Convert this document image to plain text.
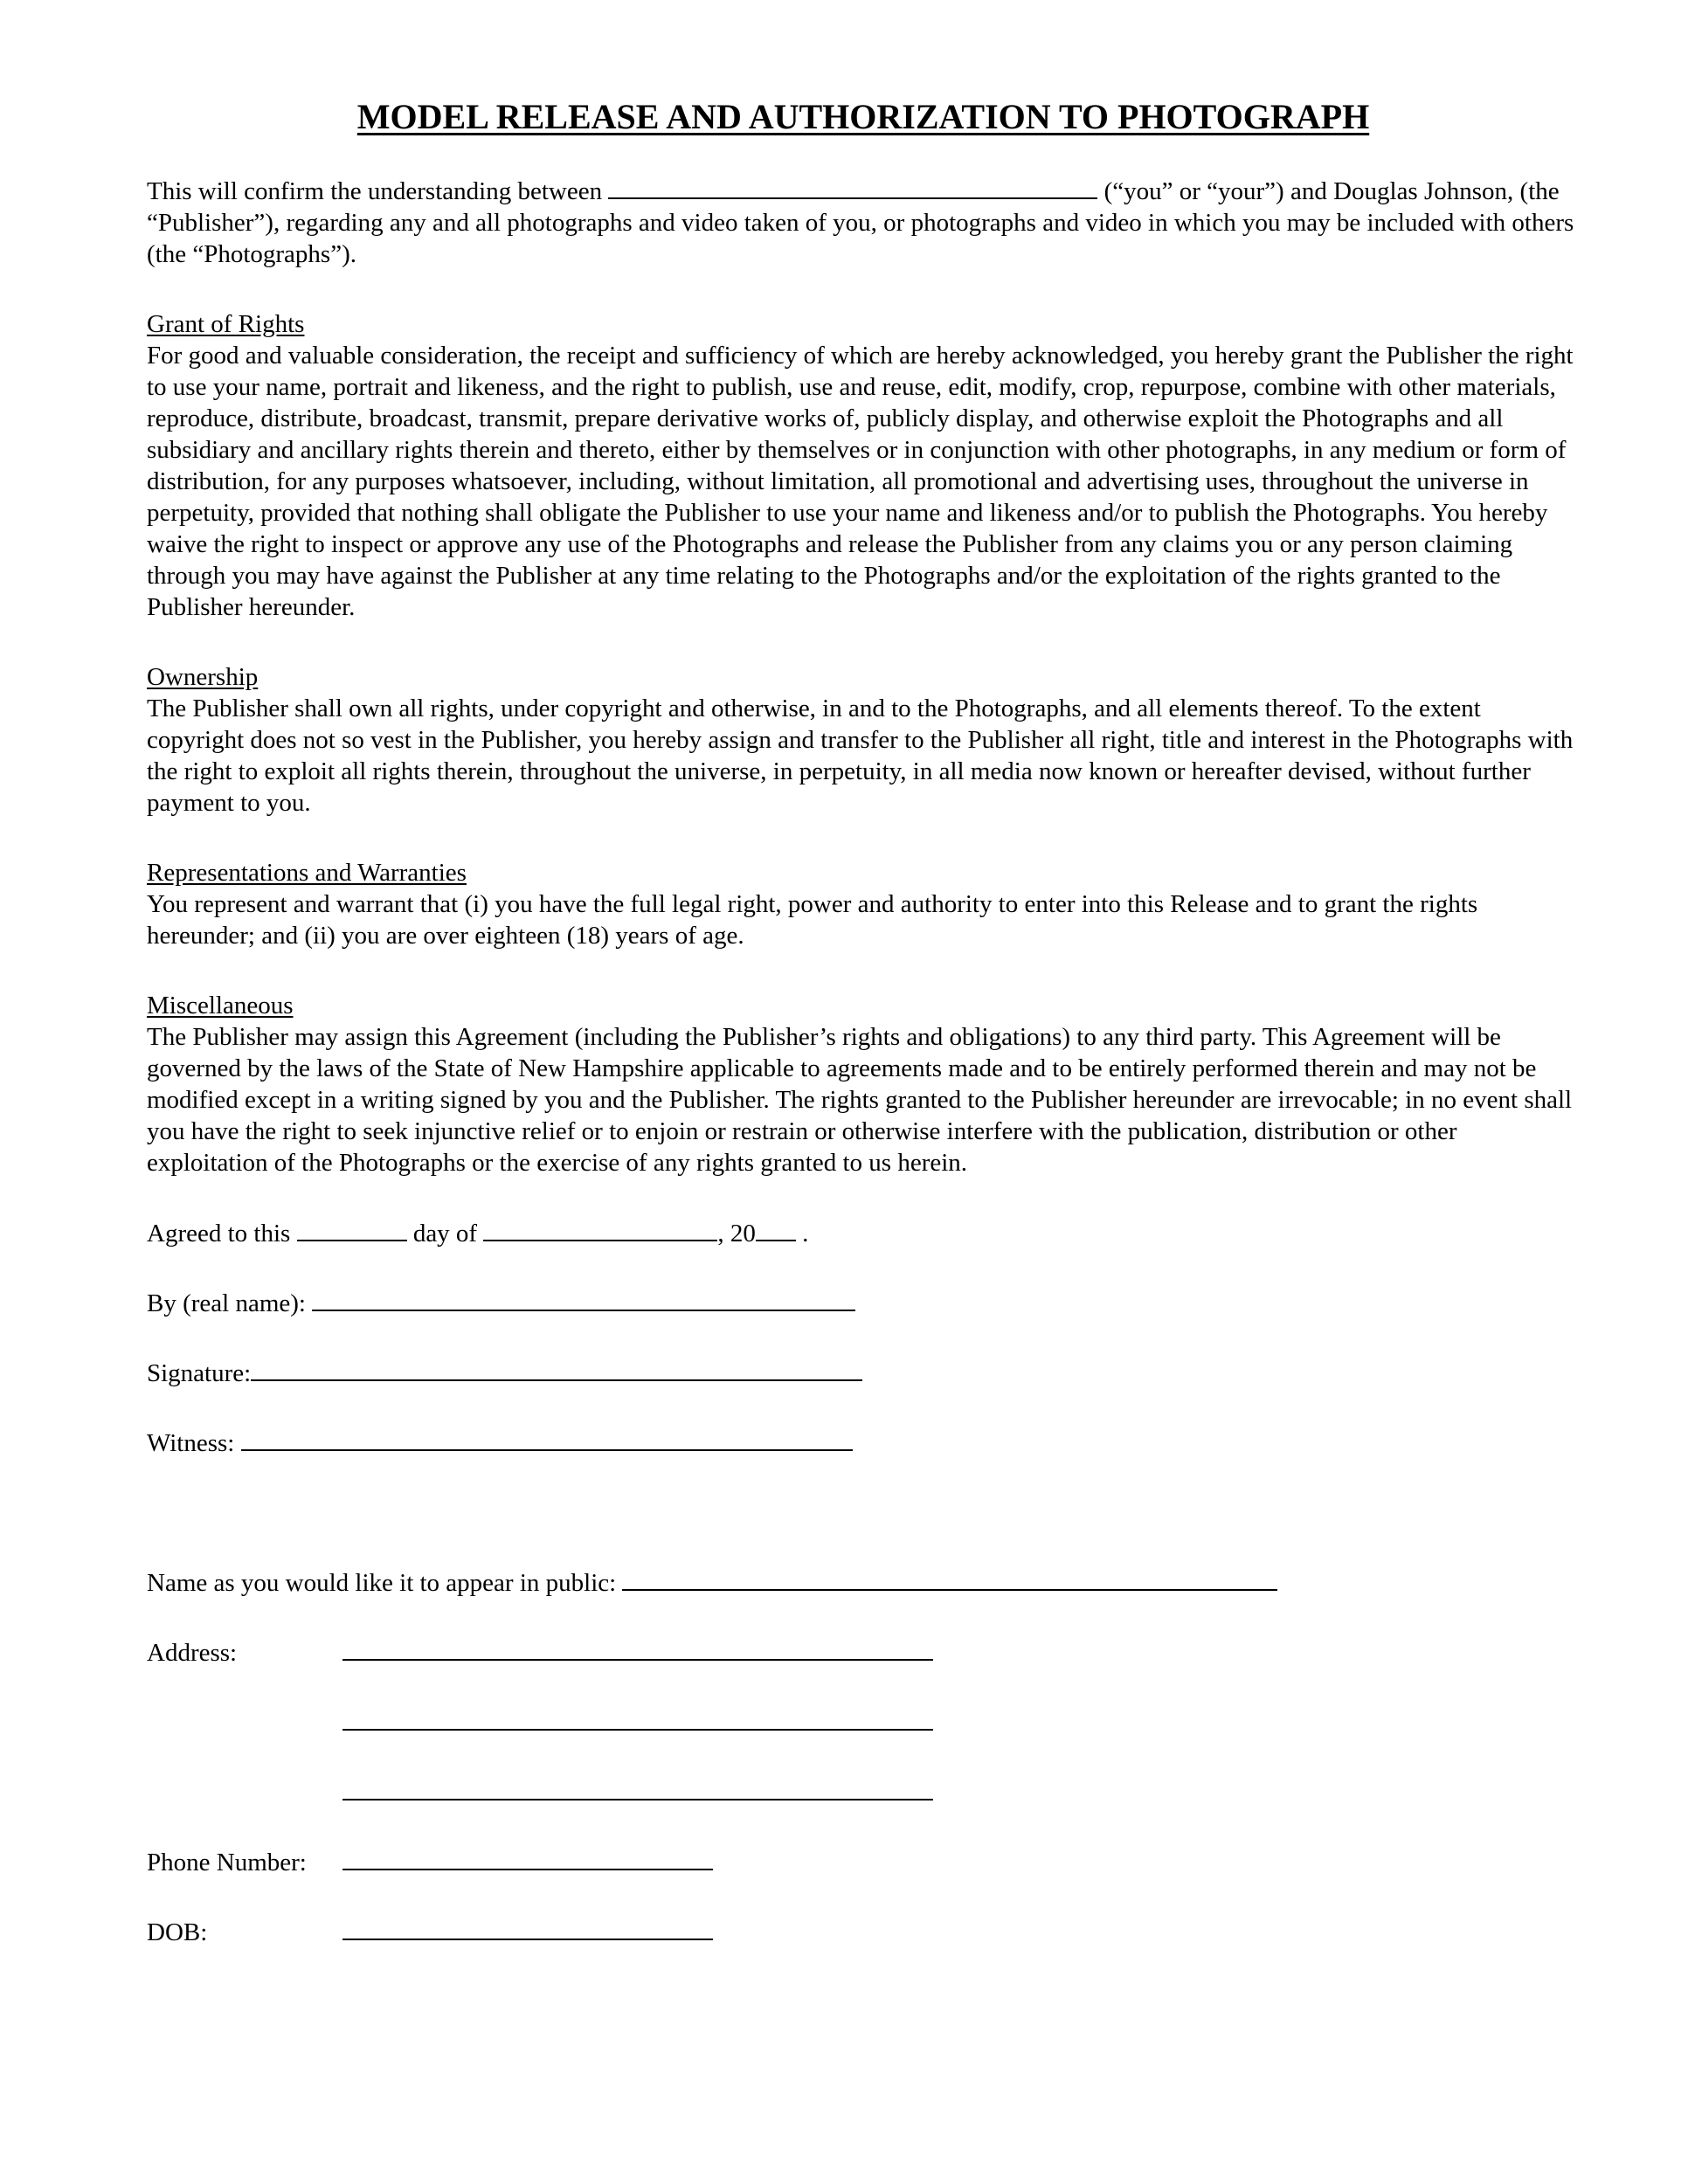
MODEL RELEASE AND AUTHORIZATION TO PHOTOGRAPH

This will confirm the understanding between	(“you” or “your”) and Douglas Johnson, (the “Publisher”), regarding any and all photographs and video taken of you, or photographs and video in which you may be included with others (the “Photographs”).

Grant of Rights

For good and valuable consideration, the receipt and sufficiency of which are hereby acknowledged, you hereby grant the Publisher the right to use your name, portrait and likeness, and the right to publish, use and reuse, edit, modify, crop, repurpose, combine with other materials, reproduce, distribute, broadcast, transmit, prepare derivative works of, publicly display, and otherwise exploit the Photographs and all subsidiary and ancillary rights therein and thereto, either by themselves or in conjunction with other photographs, in any medium or form of distribution, for any purposes whatsoever, including, without limitation, all promotional and advertising uses, throughout the universe in perpetuity, provided that nothing shall obligate the Publisher to use your name and likeness and/or to publish the Photographs. You hereby waive the right to inspect or approve any use of the Photographs and release the Publisher from any claims you or any person claiming through you may have against the Publisher at any time relating to the Photographs and/or the exploitation of the rights granted to the Publisher hereunder.

Ownership

The Publisher shall own all rights, under copyright and otherwise, in and to the Photographs, and all elements thereof. To the extent copyright does not so vest in the Publisher, you hereby assign and transfer to the Publisher all right, title and interest in the Photographs with the right to exploit all rights therein, throughout the universe, in perpetuity, in all media now known or hereafter devised, without further payment to you.

Representations and Warranties

You represent and warrant that (i) you have the full legal right, power and authority to enter into this Release and to grant the rights hereunder; and (ii) you are over eighteen (18) years of age.

Miscellaneous

The Publisher may assign this Agreement (including the Publisher’s rights and obligations) to any third party. This Agreement will be governed by the laws of the State of New Hampshire applicable to agreements made and to be entirely performed therein and may not be modified except in a writing signed by you and the Publisher. The rights granted to the Publisher hereunder are irrevocable; in no event shall you have the right to seek injunctive relief or to enjoin or restrain or otherwise interfere with the publication, distribution or other exploitation of the Photographs or the exercise of any rights granted to us herein.

Agreed to this	day of	, 20 .
By (real name):
Signature:
Witness:
Name as you would like it to appear in public:
Address:
Phone Number:
DOB:
